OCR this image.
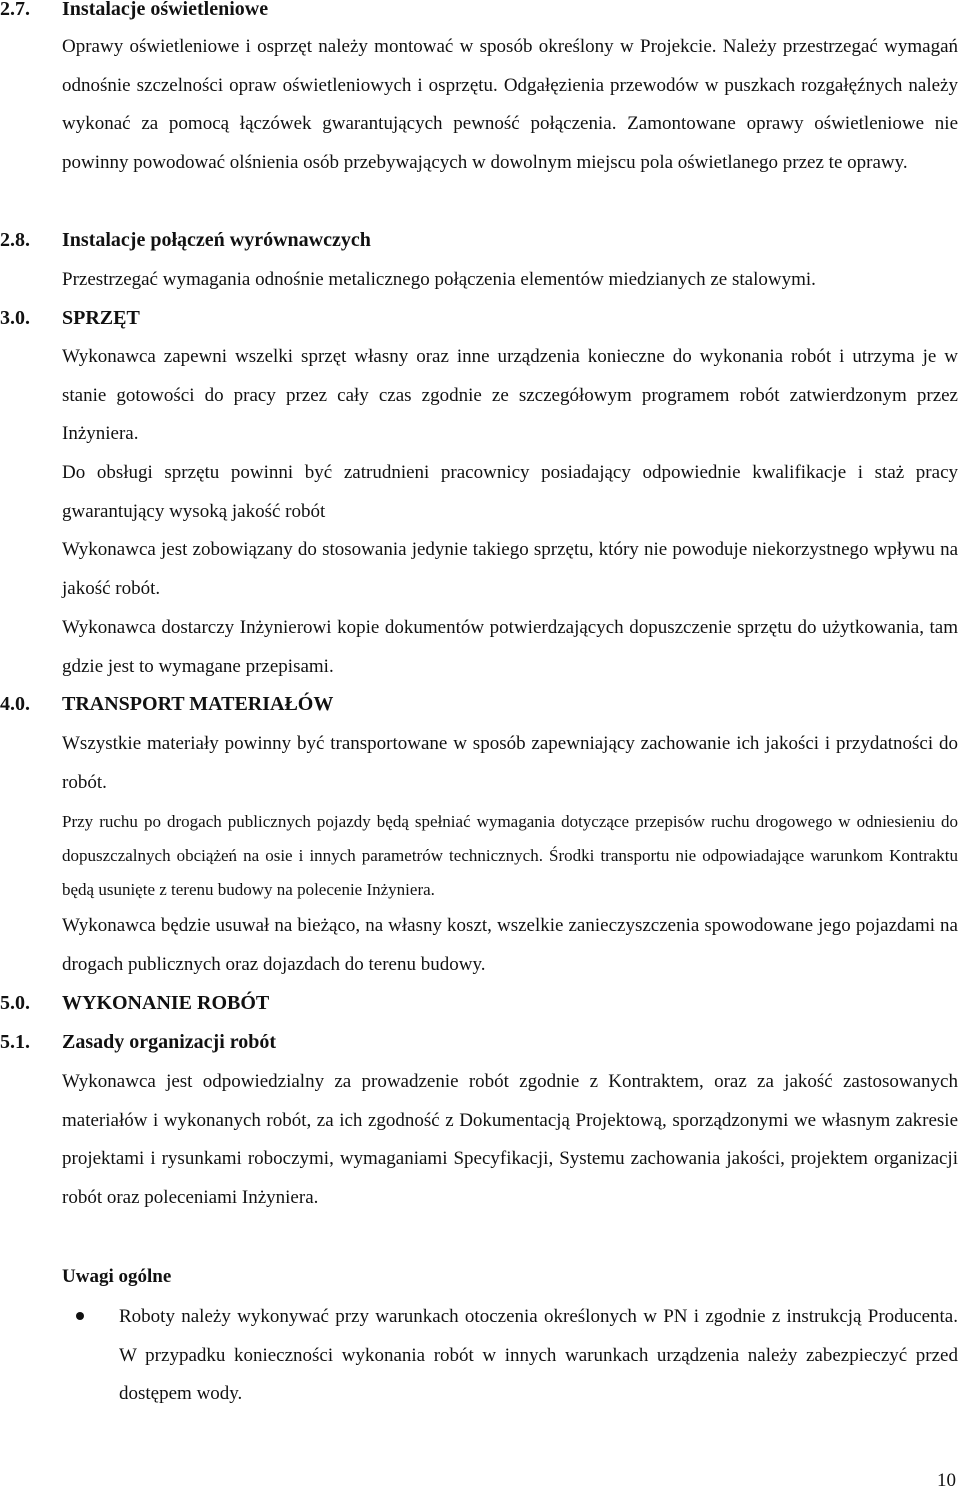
2.7. Instalacje oświetleniowe

Oprawy oświetleniowe i osprzęt należy montować w sposób określony w Projekcie. Należy przestrzegać wymagań odnośnie szczelności opraw oświetleniowych i osprzętu. Odgałęzienia przewodów w puszkach rozgałęźnych należy wykonać za pomocą łączówek gwarantujących pewność połączenia. Zamontowane oprawy oświetleniowe nie powinny powodować olśnienia osób przebywających w dowolnym miejscu pola oświetlanego przez te oprawy.

2.8. Instalacje połączeń wyrównawczych

Przestrzegać wymagania odnośnie metalicznego połączenia elementów miedzianych ze stalowymi.

3.0. SPRZĘT

Wykonawca zapewni wszelki sprzęt własny oraz inne urządzenia konieczne do wykonania robót i utrzyma je w stanie gotowości do pracy przez cały czas zgodnie ze szczegółowym programem robót zatwierdzonym przez Inżyniera.

Do obsługi sprzętu powinni być zatrudnieni pracownicy posiadający odpowiednie kwalifikacje i staż pracy gwarantujący wysoką jakość robót

Wykonawca jest zobowiązany do stosowania jedynie takiego sprzętu, który nie powoduje niekorzystnego wpływu na jakość robót.

Wykonawca dostarczy Inżynierowi kopie dokumentów potwierdzających dopuszczenie sprzętu do użytkowania, tam gdzie jest to wymagane przepisami.

4.0. TRANSPORT MATERIAŁÓW

Wszystkie materiały powinny być transportowane w sposób zapewniający zachowanie ich jakości i przydatności do robót.

Przy ruchu po drogach publicznych pojazdy będą spełniać wymagania dotyczące przepisów ruchu drogowego w odniesieniu do dopuszczalnych obciążeń na osie i innych parametrów technicznych. Środki transportu nie odpowiadające warunkom Kontraktu będą usunięte z terenu budowy na polecenie Inżyniera.

Wykonawca będzie usuwał na bieżąco, na własny koszt, wszelkie zanieczyszczenia spowodowane jego pojazdami na drogach publicznych oraz dojazdach do terenu budowy.

5.0. WYKONANIE ROBÓT
5.1. Zasady organizacji robót

Wykonawca jest odpowiedzialny za prowadzenie robót zgodnie z Kontraktem, oraz za jakość zastosowanych materiałów i wykonanych robót, za ich zgodność z Dokumentacją Projektową, sporządzonymi we własnym zakresie projektami i rysunkami roboczymi, wymaganiami Specyfikacji, Systemu zachowania jakości, projektem organizacji robót oraz poleceniami Inżyniera.

Uwagi ogólne

Roboty należy wykonywać przy warunkach otoczenia określonych w PN i zgodnie z instrukcją Producenta. W przypadku konieczności wykonania robót w innych warunkach urządzenia należy zabezpieczyć przed dostępem wody.

10
